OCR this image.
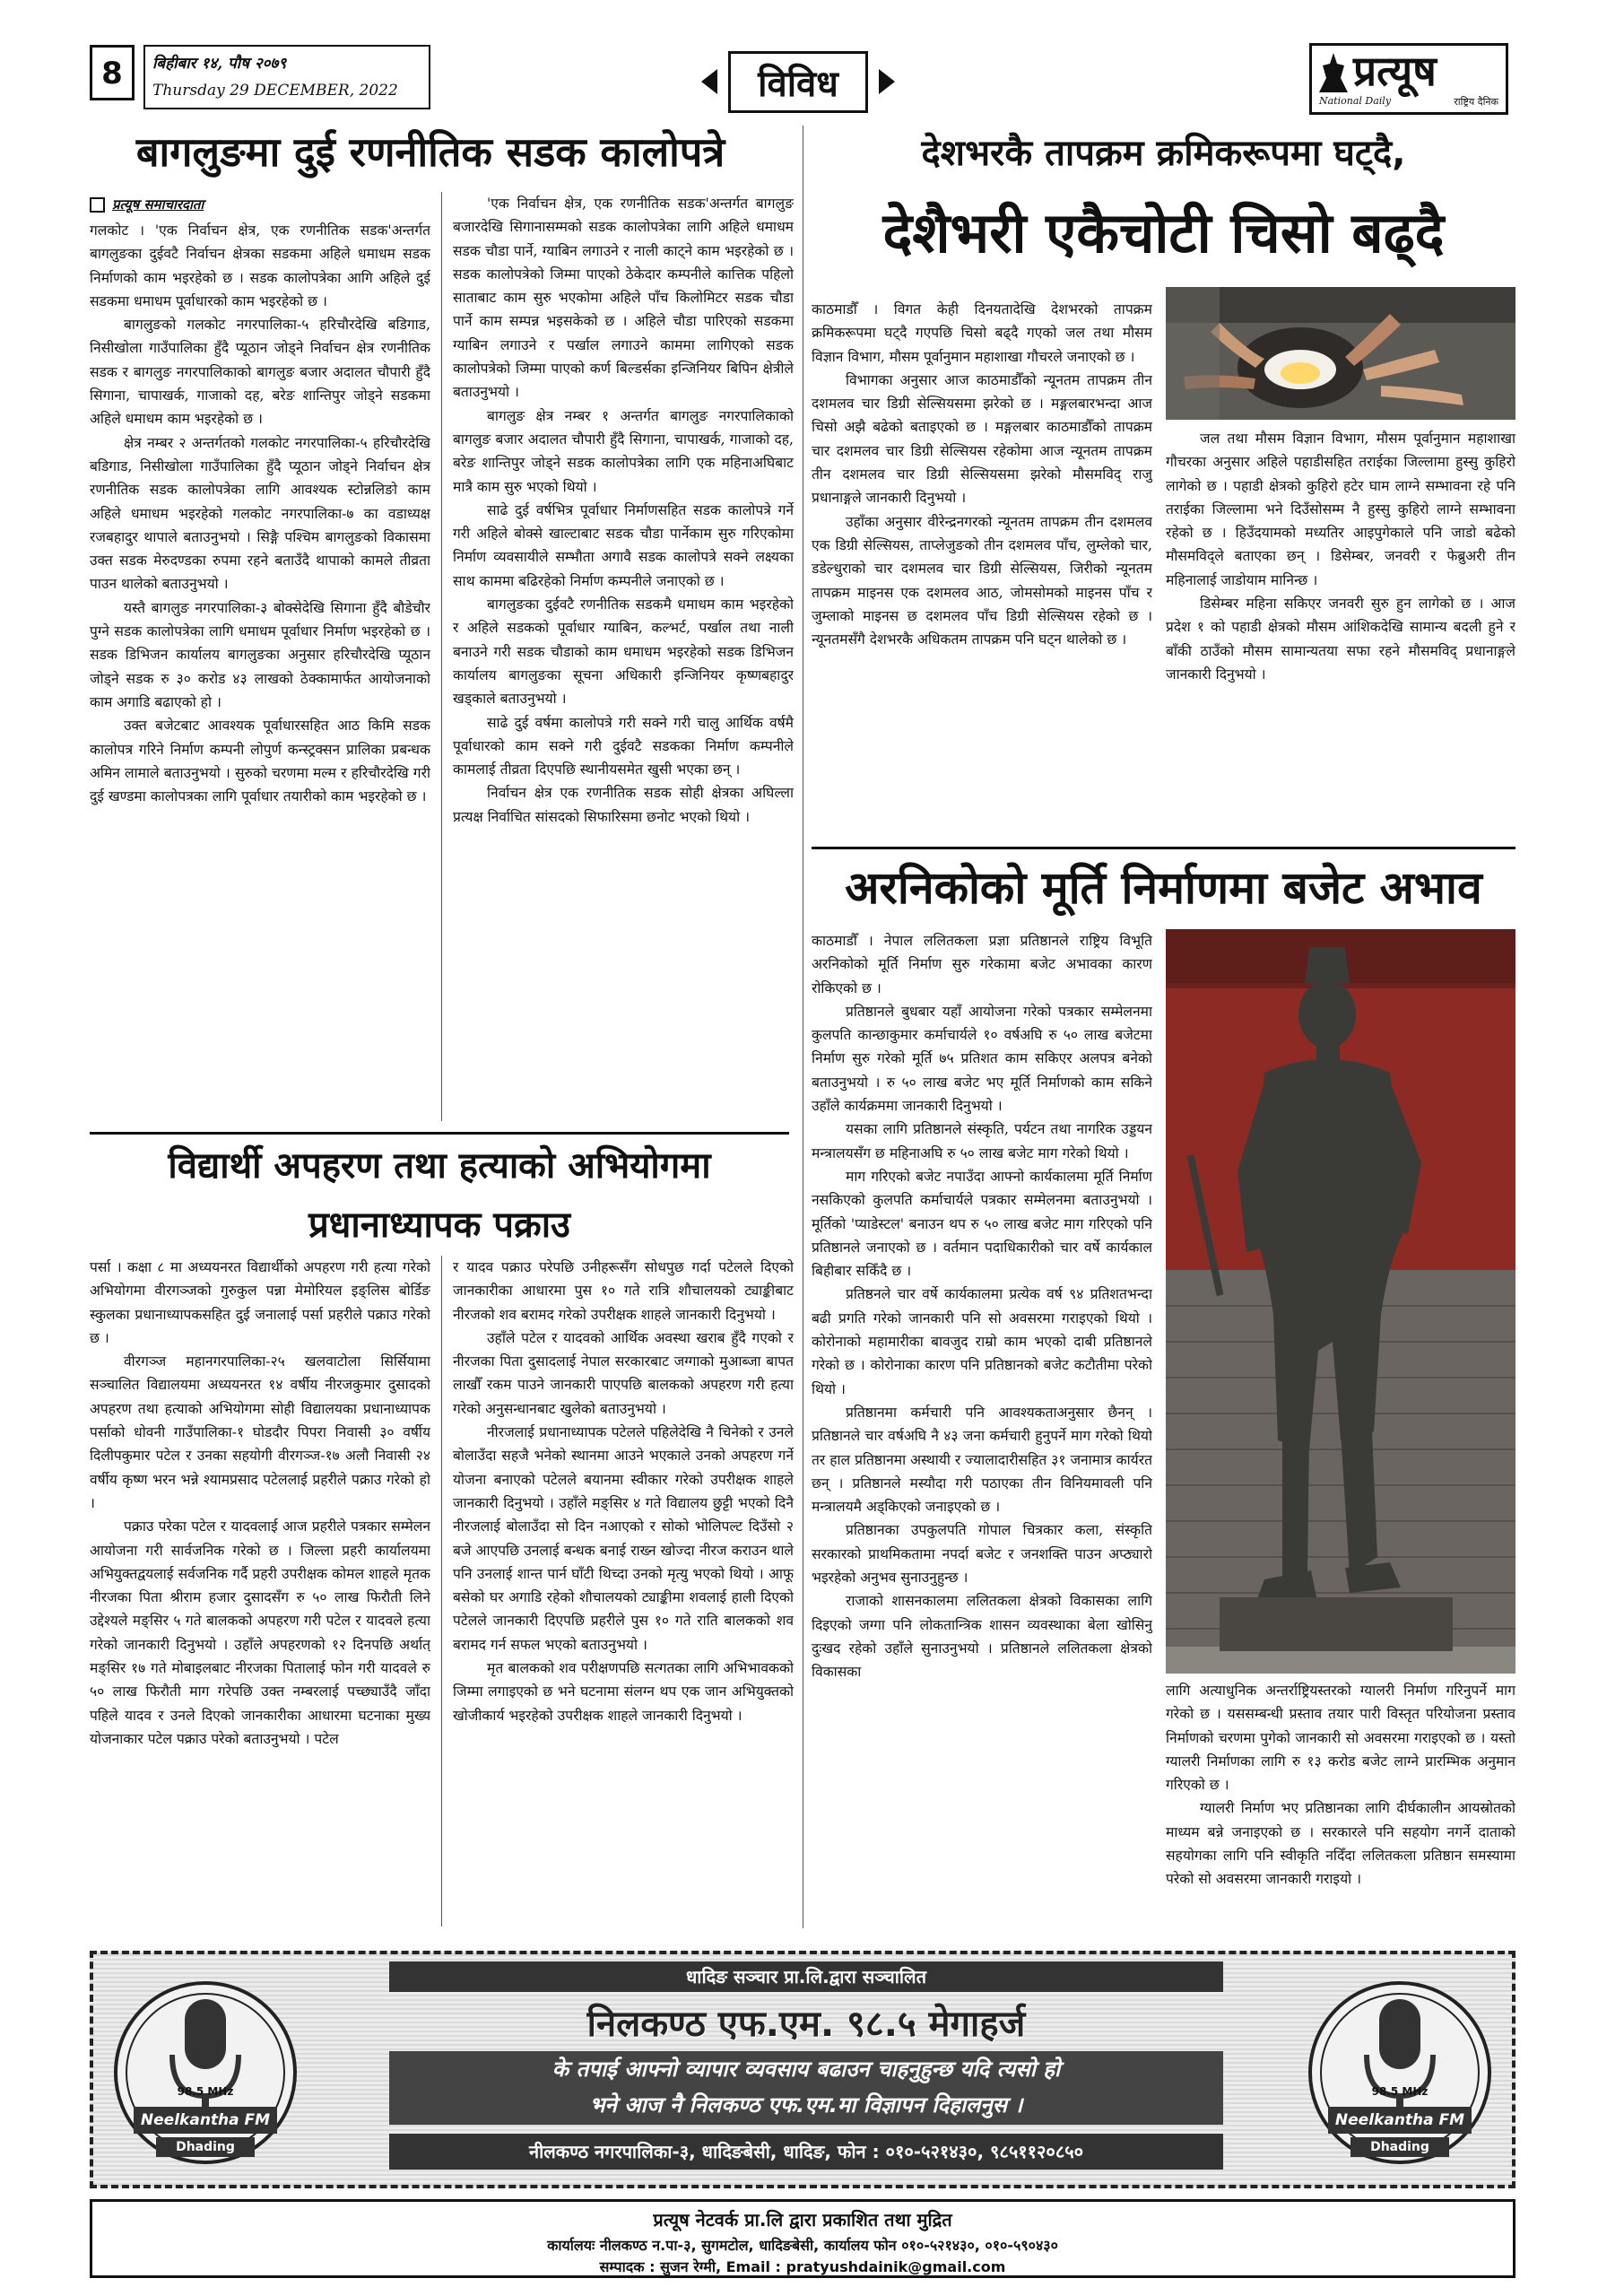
8	बिहीबार १४, पौष २०७९
Thursday 29 DECEMBER, 2022	विविध	प्रत्यूष
National Daily	राष्ट्रिय दैनिक
बागलुङमा दुई रणनीतिक सडक कालोपत्रे
प्रत्यूष समाचारदाता

गलकोट । 'एक निर्वाचन क्षेत्र, एक रणनीतिक सडक'अन्तर्गत बागलुङका दुईवटै निर्वाचन क्षेत्रका सडकमा अहिले धमाधम सडक निर्माणको काम भइरहेको छ । सडक कालोपत्रेका आगि अहिले दुई सडकमा धमाधम पूर्वाधारको काम भइरहेको छ ।

बागलुङको गलकोट नगरपालिका-५ हरिचौरदेखि बडिगाड, निसीखोला गाउँपालिका हुँदै प्यूठान जोड्ने निर्वाचन क्षेत्र रणनीतिक सडक र बागलुङ नगरपालिकाको बागलुङ बजार अदालत चौपारी हुँदै सिगाना, चापाखर्क, गाजाको दह, बरेङ शान्तिपुर जोड्ने सडकमा अहिले धमाधम काम भइरहेको छ ।

क्षेत्र नम्बर २ अन्तर्गतको गलकोट नगरपालिका-५ हरिचौरदेखि बडिगाड, निसीखोला गाउँपालिका हुँदै प्यूठान जोड्ने निर्वाचन क्षेत्र रणनीतिक सडक कालोपत्रेका लागि आवश्यक स्टोन्नलिङो काम अहिले धमाधम भइरहेको गलकोट नगरपालिका-७ का वडाध्यक्ष रजबहादुर थापाले बताउनुभयो । सिङ्गै पश्चिम बागलुङको विकासमा उक्त सडक मेरुदण्डका रुपमा रहने बताउँदै थापाको कामले तीव्रता पाउन थालेको बताउनुभयो ।

यस्तै बागलुङ नगरपालिका-३ बोक्सेदेखि सिगाना हुँदै बौडेचौर पुग्ने सडक कालोपत्रेका लागि धमाधम पूर्वाधार निर्माण भइरहेको छ । सडक डिभिजन कार्यालय बागलुङका अनुसार हरिचौरदेखि प्यूठान जोड्ने सडक रु ३० करोड ४३ लाखको ठेक्कामार्फत आयोजनाको काम अगाडि बढाएको हो ।

उक्त बजेटबाट आवश्यक पूर्वाधारसहित आठ किमि सडक कालोपत्र गरिने निर्माण कम्पनी लोपुर्ण कन्स्ट्रक्सन प्रालिका प्रबन्धक अमिन लामाले बताउनुभयो । सुरुको चरणमा मल्म र हरिचौरदेखि गरी दुई खण्डमा कालोपत्रका लागि पूर्वाधार तयारीको काम भइरहेको छ ।

'एक निर्वाचन क्षेत्र, एक रणनीतिक सडक'अन्तर्गत बागलुङ बजारदेखि सिगानासम्मको सडक कालोपत्रेका लागि अहिले धमाधम सडक चौडा पार्ने, ग्याबिन लगाउने र नाली काट्ने काम भइरहेको छ । सडक कालोपत्रेको जिम्मा पाएको ठेकेदार कम्पनीले कात्तिक पहिलो साताबाट काम सुरु भएकोमा अहिले पाँच किलोमिटर सडक चौडा पार्ने काम सम्पन्न भइसकेको छ । अहिले चौडा पारिएको सडकमा ग्याबिन लगाउने र पर्खाल लगाउने काममा लागिएको सडक कालोपत्रेको जिम्मा पाएको कर्ण बिल्डर्सका इन्जिनियर बिपिन क्षेत्रीले बताउनुभयो ।

बागलुङ क्षेत्र नम्बर १ अन्तर्गत बागलुङ नगरपालिकाको बागलुङ बजार अदालत चौपारी हुँदै सिगाना, चापाखर्क, गाजाको दह, बरेङ शान्तिपुर जोड्ने सडक कालोपत्रेका लागि एक महिनाअघिबाट मात्रै काम सुरु भएको थियो ।

साढे दुई वर्षभित्र पूर्वाधार निर्माणसहित सडक कालोपत्रे गर्ने गरी अहिले बोक्से खाल्टाबाट सडक चौडा पार्नेकाम सुरु गरिएकोमा निर्माण व्यवसायीले सम्भौता अगावै सडक कालोपत्रे सक्ने लक्ष्यका साथ काममा बढिरहेको निर्माण कम्पनीले जनाएको छ ।

बागलुङका दुईवटै रणनीतिक सडकमै धमाधम काम भइरहेको र अहिले सडकको पूर्वाधार ग्याबिन, कल्भर्ट, पर्खाल तथा नाली बनाउने गरी सडक चौडाको काम धमाधम भइरहेको सडक डिभिजन कार्यालय बागलुङका सूचना अधिकारी इन्जिनियर कृष्णबहादुर खड्काले बताउनुभयो ।

साढे दुई वर्षमा कालोपत्रे गरी सक्ने गरी चालु आर्थिक वर्षमै पूर्वाधारको काम सक्ने गरी दुईवटै सडकका निर्माण कम्पनीले कामलाई तीव्रता दिएपछि स्थानीयसमेत खुसी भएका छन् ।

निर्वाचन क्षेत्र एक रणनीतिक सडक सोही क्षेत्रका अघिल्ला प्रत्यक्ष निर्वाचित सांसदको सिफारिसमा छनोट भएको थियो ।

विद्यार्थी अपहरण तथा हत्याको अभियोगमा
प्रधानाध्यापक पक्राउ

पर्सा । कक्षा ८ मा अध्ययनरत विद्यार्थीको अपहरण गरी हत्या गरेको अभियोगमा वीरगञ्जको गुरुकुल पन्ना मेमोरियल इङ्लिस बोर्डिङ स्कुलका प्रधानाध्यापकसहित दुई जनालाई पर्सा प्रहरीले पक्राउ गरेको छ ।

वीरगञ्ज महानगरपालिका-२५ खलवाटोला सिर्सियामा सञ्चालित विद्यालयमा अध्ययनरत १४ वर्षीय नीरजकुमार दुसादको अपहरण तथा हत्याको अभियोगमा सोही विद्यालयका प्रधानाध्यापक पर्साको धोवनी गाउँपालिका-१ घोडदौर पिपरा निवासी ३० वर्षीय दिलीपकुमार पटेल र उनका सहयोगी वीरगञ्ज-१७ अलौ निवासी २४ वर्षीय कृष्ण भरन भन्ने श्यामप्रसाद पटेललाई प्रहरीले पक्राउ गरेको हो ।

पक्राउ परेका पटेल र यादवलाई आज प्रहरीले पत्रकार सम्मेलन आयोजना गरी सार्वजनिक गरेको छ । जिल्ला प्रहरी कार्यालयमा अभियुक्तद्वयलाई सर्वजनिक गर्दै प्रहरी उपरीक्षक कोमल शाहले मृतक नीरजका पिता श्रीराम हजार दुसादसँग रु ५० लाख फिरौती लिने उद्देश्यले मङ्सिर ५ गते बालकको अपहरण गरी पटेल र यादवले हत्या गरेको जानकारी दिनुभयो । उहाँले अपहरणको १२ दिनपछि अर्थात् मङ्सिर १७ गते मोबाइलबाट नीरजका पितालाई फोन गरी यादवले रु ५० लाख फिरौती माग गरेपछि उक्त नम्बरलाई पच्छ्याउँदै जाँदा पहिले यादव र उनले दिएको जानकारीका आधारमा घटनाका मुख्य योजनाकार पटेल पक्राउ परेको बताउनुभयो । पटेल

र यादव पक्राउ परेपछि उनीहरूसँग सोधपुछ गर्दा पटेलले दिएको जानकारीका आधारमा पुस १० गते रात्रि शौचालयको ट्याङ्कीबाट नीरजको शव बरामद गरेको उपरीक्षक शाहले जानकारी दिनुभयो ।

उहाँले पटेल र यादवको आर्थिक अवस्था खराब हुँदै गएको र नीरजका पिता दुसादलाई नेपाल सरकारबाट जग्गाको मुआब्जा बापत लाखौँ रकम पाउने जानकारी पाएपछि बालकको अपहरण गरी हत्या गरेको अनुसन्धानबाट खुलेको बताउनुभयो ।

नीरजलाई प्रधानाध्यापक पटेलले पहिलेदेखि नै चिनेको र उनले बोलाउँदा सहजै भनेको स्थानमा आउने भएकाले उनको अपहरण गर्ने योजना बनाएको पटेलले बयानमा स्वीकार गरेको उपरीक्षक शाहले जानकारी दिनुभयो । उहाँले मङ्सिर ४ गते विद्यालय छुट्टी भएको दिनै नीरजलाई बोलाउँदा सो दिन नआएको र सोको भोलिपल्ट दिउँसो २ बजे आएपछि उनलाई बन्धक बनाई राख्न खोज्दा नीरज कराउन थाले पनि उनलाई शान्त पार्न घाँटी थिच्दा उनको मृत्यु भएको थियो । आफू बसेको घर अगाडि रहेको शौचालयको ट्याङ्कीमा शवलाई हाली दिएको पटेलले जानकारी दिएपछि प्रहरीले पुस १० गते राति बालकको शव बरामद गर्न सफल भएको बताउनुभयो ।

मृत बालकको शव परीक्षणपछि सत्गतका लागि अभिभावकको जिम्मा लगाइएको छ भने घटनामा संलग्न थप एक जान अभियुक्तको खोजीकार्य भइरहेको उपरीक्षक शाहले जानकारी दिनुभयो ।

देशभरकै तापक्रम क्रमिकरूपमा घट्दै,
देशैभरी एकैचोटी चिसो बढ्दै

काठमाडौँ । विगत केही दिनयतादेखि देशभरको तापक्रम क्रमिकरूपमा घट्दै गएपछि चिसो बढ्दै गएको जल तथा मौसम विज्ञान विभाग, मौसम पूर्वानुमान महाशाखा गौचरले जनाएको छ ।

विभागका अनुसार आज काठमाडौँको न्यूनतम तापक्रम तीन दशमलव चार डिग्री सेल्सियसमा झरेको छ । मङ्गलबारभन्दा आज चिसो अझै बढेको बताइएको छ । मङ्गलबार काठमाडौँको तापक्रम चार दशमलव चार डिग्री सेल्सियस रहेकोमा आज न्यूनतम तापक्रम तीन दशमलव चार डिग्री सेल्सियसमा झरेको मौसमविद् राजु प्रधानाङ्गले जानकारी दिनुभयो ।

उहाँका अनुसार वीरेन्द्रनगरको न्यूनतम तापक्रम तीन दशमलव एक डिग्री सेल्सियस, ताप्लेजुङको तीन दशमलव पाँच, लुम्लेको चार, डडेल्धुराको चार दशमलव चार डिग्री सेल्सियस, जिरीको न्यूनतम तापक्रम माइनस एक दशमलव आठ, जोमसोमको माइनस पाँच र जुम्लाको माइनस छ दशमलव पाँच डिग्री सेल्सियस रहेको छ । न्यूनतमसँगै देशभरकै अधिकतम तापक्रम पनि घट्न थालेको छ ।

जल तथा मौसम विज्ञान विभाग, मौसम पूर्वानुमान महाशाखा गौचरका अनुसार अहिले पहाडीसहित तराईका जिल्लामा हुस्सु कुहिरो लागेको छ । पहाडी क्षेत्रको कुहिरो हटेर घाम लाग्ने सम्भावना रहे पनि तराईका जिल्लामा भने दिउँसोसम्म नै हुस्सु कुहिरो लाग्ने सम्भावना रहेको छ । हिउँदयामको मध्यतिर आइपुगेकाले पनि जाडो बढेको मौसमविद्ले बताएका छन् । डिसेम्बर, जनवरी र फेब्रुअरी तीन महिनालाई जाडोयाम मानिन्छ ।

डिसेम्बर महिना सकिएर जनवरी सुरु हुन लागेको छ । आज प्रदेश १ को पहाडी क्षेत्रको मौसम आंशिकदेखि सामान्य बदली हुने र बाँकी ठाउँको मौसम सामान्यतया सफा रहने मौसमविद् प्रधानाङ्गले जानकारी दिनुभयो ।

अरनिकोको मूर्ति निर्माणमा बजेट अभाव

काठमाडौँ । नेपाल ललितकला प्रज्ञा प्रतिष्ठानले राष्ट्रिय विभूति अरनिकोको मूर्ति निर्माण सुरु गरेकामा बजेट अभावका कारण रोकिएको छ ।

प्रतिष्ठानले बुधबार यहाँ आयोजना गरेको पत्रकार सम्मेलनमा कुलपति कान्छाकुमार कर्माचार्यले १० वर्षअघि रु ५० लाख बजेटमा निर्माण सुरु गरेको मूर्ति ७५ प्रतिशत काम सकिएर अलपत्र बनेको बताउनुभयो । रु ५० लाख बजेट भए मूर्ति निर्माणको काम सकिने उहाँले कार्यक्रममा जानकारी दिनुभयो ।

यसका लागि प्रतिष्ठानले संस्कृति, पर्यटन तथा नागरिक उड्डयन मन्त्रालयसँग छ महिनाअघि रु ५० लाख बजेट माग गरेको थियो ।

माग गरिएको बजेट नपाउँदा आफ्नो कार्यकालमा मूर्ति निर्माण नसकिएको कुलपति कर्माचार्यले पत्रकार सम्मेलनमा बताउनुभयो । मूर्तिको 'प्याडेस्टल' बनाउन थप रु ५० लाख बजेट माग गरिएको पनि प्रतिष्ठानले जनाएको छ । वर्तमान पदाधिकारीको चार वर्षे कार्यकाल बिहीबार सकिँदै छ ।

प्रतिष्ठनले चार वर्षे कार्यकालमा प्रत्येक वर्ष ९४ प्रतिशतभन्दा बढी प्रगति गरेको जानकारी पनि सो अवसरमा गराइएको थियो । कोरोनाको महामारीका बावजुद राम्रो काम भएको दाबी प्रतिष्ठानले गरेको छ । कोरोनाका कारण पनि प्रतिष्ठानको बजेट कटौतीमा परेको थियो ।

प्रतिष्ठानमा कर्मचारी पनि आवश्यकताअनुसार छैनन् । प्रतिष्ठानले चार वर्षअघि नै ४३ जना कर्मचारी हुनुपर्ने माग गरेको थियो तर हाल प्रतिष्ठानमा अस्थायी र ज्यालादारीसहित ३१ जनामात्र कार्यरत छन् । प्रतिष्ठानले मस्यौदा गरी पठाएका तीन विनियमावली पनि मन्त्रालयमै अड्किएको जनाइएको छ ।

प्रतिष्ठानका उपकुलपति गोपाल चित्रकार कला, संस्कृति सरकारको प्राथमिकतामा नपर्दा बजेट र जनशक्ति पाउन अप्ठ्यारो भइरहेको अनुभव सुनाउनुहुन्छ ।

राजाको शासनकालमा ललितकला क्षेत्रको विकासका लागि दिइएको जग्गा पनि लोकतान्त्रिक शासन व्यवस्थाका बेला खोसिनु दुःखद रहेको उहाँले सुनाउनुभयो । प्रतिष्ठानले ललितकला क्षेत्रको विकासका

लागि अत्याधुनिक अन्तर्राष्ट्रियस्तरको ग्यालरी निर्माण गरिनुपर्ने माग गरेको छ । यससम्बन्धी प्रस्ताव तयार पारी विस्तृत परियोजना प्रस्ताव निर्माणको चरणमा पुगेको जानकारी सो अवसरमा गराइएको छ । यस्तो ग्यालरी निर्माणका लागि रु १३ करोड बजेट लाग्ने प्रारम्भिक अनुमान गरिएको छ ।

ग्यालरी निर्माण भए प्रतिष्ठानका लागि दीर्घकालीन आयस्रोतको माध्यम बन्ने जनाइएको छ । सरकारले पनि सहयोग नगर्ने दाताको सहयोगका लागि पनि स्वीकृति नदिँदा ललितकला प्रतिष्ठान समस्यामा परेको सो अवसरमा जानकारी गराइयो ।

98.5 MHz
Neelkantha FM
Dhading
धादिङ सञ्चार प्रा.लि.द्वारा सञ्चालित
निलकण्ठ एफ.एम. ९८.५ मेगाहर्ज
के तपाई आफ्नो व्यापार व्यवसाय बढाउन चाहनुहुन्छ यदि त्यसो हो
भने आज नै निलकण्ठ एफ.एम.मा विज्ञापन दिहालनुस ।
नीलकण्ठ नगरपालिका-३, धादिङबेसी, धादिङ, फोन : ०१०-५२१४३०, ९८५११२०८५०
98.5 MHz
Neelkantha FM
Dhading
प्रत्यूष नेटवर्क प्रा.लि द्वारा प्रकाशित तथा मुद्रित
कार्यालयः नीलकण्ठ न.पा-३, सुगमटोल, धादिङबेसी, कार्यालय फोन ०१०-५२१४३०, ०१०-५९०४३०
सम्पादक : सुजन रेग्मी, Email : pratyushdainik@gmail.com
